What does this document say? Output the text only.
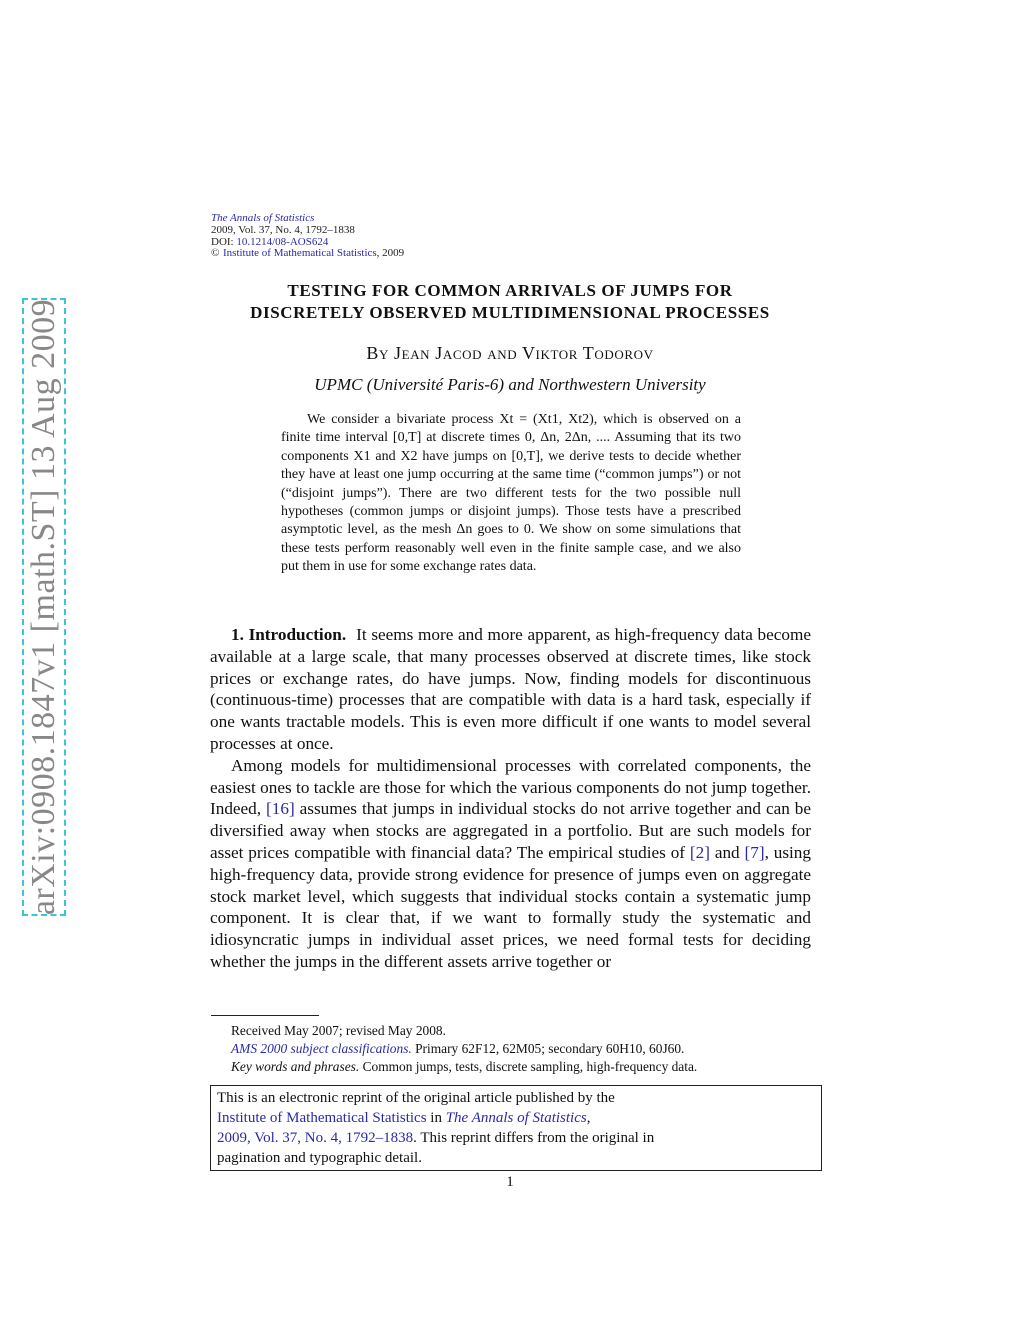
arXiv:0908.1847v1 [math.ST] 13 Aug 2009
The Annals of Statistics
2009, Vol. 37, No. 4, 1792–1838
DOI: 10.1214/08-AOS624
© Institute of Mathematical Statistics, 2009
TESTING FOR COMMON ARRIVALS OF JUMPS FOR
DISCRETELY OBSERVED MULTIDIMENSIONAL PROCESSES
By Jean Jacod and Viktor Todorov
UPMC (Université Paris-6) and Northwestern University
We consider a bivariate process Xt = (Xt1, Xt2), which is observed on a finite time interval [0,T] at discrete times 0, Δn, 2Δn, .... Assuming that its two components X1 and X2 have jumps on [0,T], we derive tests to decide whether they have at least one jump occurring at the same time (“common jumps”) or not (“disjoint jumps”). There are two different tests for the two possible null hypotheses (common jumps or disjoint jumps). Those tests have a prescribed asymptotic level, as the mesh Δn goes to 0. We show on some simulations that these tests perform reasonably well even in the finite sample case, and we also put them in use for some exchange rates data.

1. Introduction. It seems more and more apparent, as high-frequency data become available at a large scale, that many processes observed at discrete times, like stock prices or exchange rates, do have jumps. Now, finding models for discontinuous (continuous-time) processes that are compatible with data is a hard task, especially if one wants tractable models. This is even more difficult if one wants to model several processes at once.

Among models for multidimensional processes with correlated components, the easiest ones to tackle are those for which the various components do not jump together. Indeed, [16] assumes that jumps in individual stocks do not arrive together and can be diversified away when stocks are aggregated in a portfolio. But are such models for asset prices compatible with financial data? The empirical studies of [2] and [7], using high-frequency data, provide strong evidence for presence of jumps even on aggregate stock market level, which suggests that individual stocks contain a systematic jump component. It is clear that, if we want to formally study the systematic and idiosyncratic jumps in individual asset prices, we need formal tests for deciding whether the jumps in the different assets arrive together or

Received May 2007; revised May 2008.
AMS 2000 subject classifications. Primary 62F12, 62M05; secondary 60H10, 60J60.
Key words and phrases. Common jumps, tests, discrete sampling, high-frequency data.
This is an electronic reprint of the original article published by the
Institute of Mathematical Statistics in The Annals of Statistics,
2009, Vol. 37, No. 4, 1792–1838. This reprint differs from the original in
pagination and typographic detail.
1
